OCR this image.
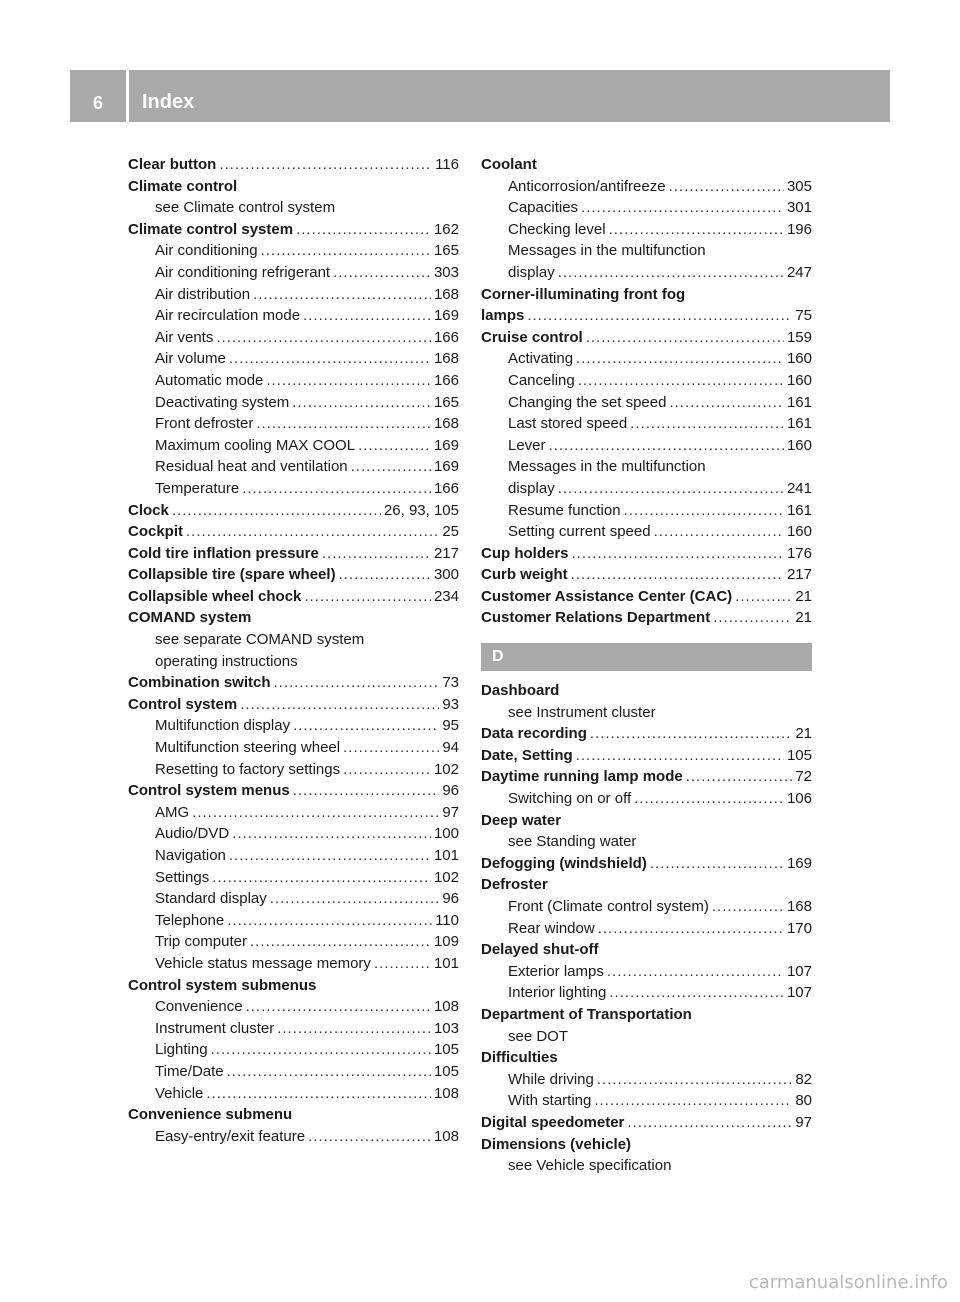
6	Index
Clear button .....	116
Climate control
see Climate control system
Climate control system .....	162
Air conditioning .....	165
Air conditioning refrigerant .....	303
Air distribution .....	168
Air recirculation mode .....	169
Air vents .....	166
Air volume .....	168
Automatic mode .....	166
Deactivating system .....	165
Front defroster .....	168
Maximum cooling MAX COOL .....	169
Residual heat and ventilation .....	169
Temperature .....	166
Clock .....	26, 93, 105
Cockpit .....	25
Cold tire inflation pressure .....	217
Collapsible tire (spare wheel) .....	300
Collapsible wheel chock .....	234
COMAND system
see separate COMAND system
operating instructions
Combination switch .....	73
Control system .....	93
Multifunction display .....	95
Multifunction steering wheel .....	94
Resetting to factory settings .....	102
Control system menus .....	96
AMG .....	97
Audio/DVD .....	100
Navigation .....	101
Settings .....	102
Standard display .....	96
Telephone .....	110
Trip computer .....	109
Vehicle status message memory .....	101
Control system submenus
Convenience .....	108
Instrument cluster .....	103
Lighting .....	105
Time/Date .....	105
Vehicle .....	108
Convenience submenu
Easy-entry/exit feature .....	108
Coolant
Anticorrosion/antifreeze .....	305
Capacities .....	301
Checking level .....	196
Messages in the multifunction
display .....	247
Corner-illuminating front fog
lamps .....	75
Cruise control .....	159
Activating .....	160
Canceling .....	160
Changing the set speed .....	161
Last stored speed .....	161
Lever .....	160
Messages in the multifunction
display .....	241
Resume function .....	161
Setting current speed .....	160
Cup holders .....	176
Curb weight .....	217
Customer Assistance Center (CAC) .....	21
Customer Relations Department .....	21
D
Dashboard
see Instrument cluster
Data recording .....	21
Date, Setting .....	105
Daytime running lamp mode .....	72
Switching on or off .....	106
Deep water
see Standing water
Defogging (windshield) .....	169
Defroster
Front (Climate control system) .....	168
Rear window .....	170
Delayed shut-off
Exterior lamps .....	107
Interior lighting .....	107
Department of Transportation
see DOT
Difficulties
While driving .....	82
With starting .....	80
Digital speedometer .....	97
Dimensions (vehicle)
see Vehicle specification
carmanualsonline.info
